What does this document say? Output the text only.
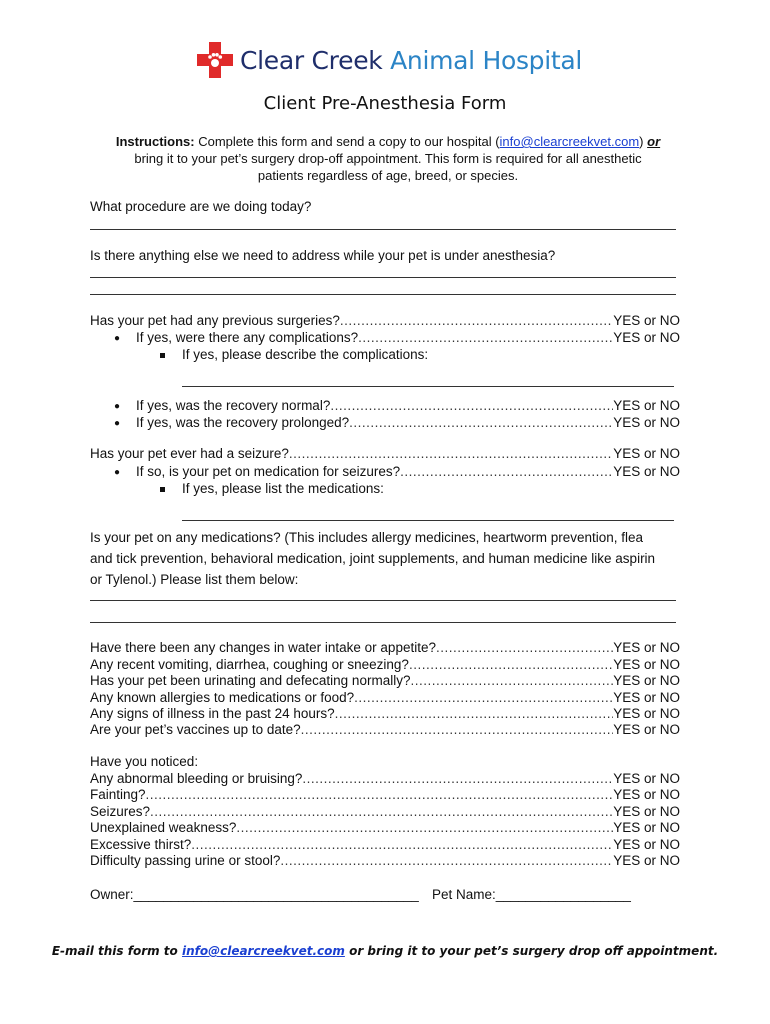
Clear Creek Animal Hospital
Client Pre-Anesthesia Form
Instructions: Complete this form and send a copy to our hospital (info@clearcreekvet.com) or
bring it to your pet’s surgery drop-off appointment. This form is required for all anesthetic
patients regardless of age, breed, or species.
What procedure are we doing today?
Is there anything else we need to address while your pet is under anesthesia?
Has your pet had any previous surgeries? .....	YES or NO
● If yes, were there any complications? .....	YES or NO
If yes, please describe the complications:
● If yes, was the recovery normal? .....	YES or NO
● If yes, was the recovery prolonged? .....	YES or NO
Has your pet ever had a seizure? .....	YES or NO
● If so, is your pet on medication for seizures? .....	YES or NO
If yes, please list the medications:
Is your pet on any medications? (This includes allergy medicines, heartworm prevention, flea
and tick prevention, behavioral medication, joint supplements, and human medicine like aspirin
or Tylenol.) Please list them below:
Have there been any changes in water intake or appetite? .....	YES or NO
Any recent vomiting, diarrhea, coughing or sneezing? .....	YES or NO
Has your pet been urinating and defecating normally? .....	YES or NO
Any known allergies to medications or food? .....	YES or NO
Any signs of illness in the past 24 hours? .....	YES or NO
Are your pet’s vaccines up to date? .....	YES or NO
Have you noticed:
Any abnormal bleeding or bruising? .....	YES or NO
Fainting? .....	YES or NO
Seizures? .....	YES or NO
Unexplained weakness? .....	YES or NO
Excessive thirst? .....	YES or NO
Difficulty passing urine or stool? .....	YES or NO
Owner:______________________________________ Pet Name:__________________
E-mail this form to info@clearcreekvet.com or bring it to your pet’s surgery drop off appointment.
